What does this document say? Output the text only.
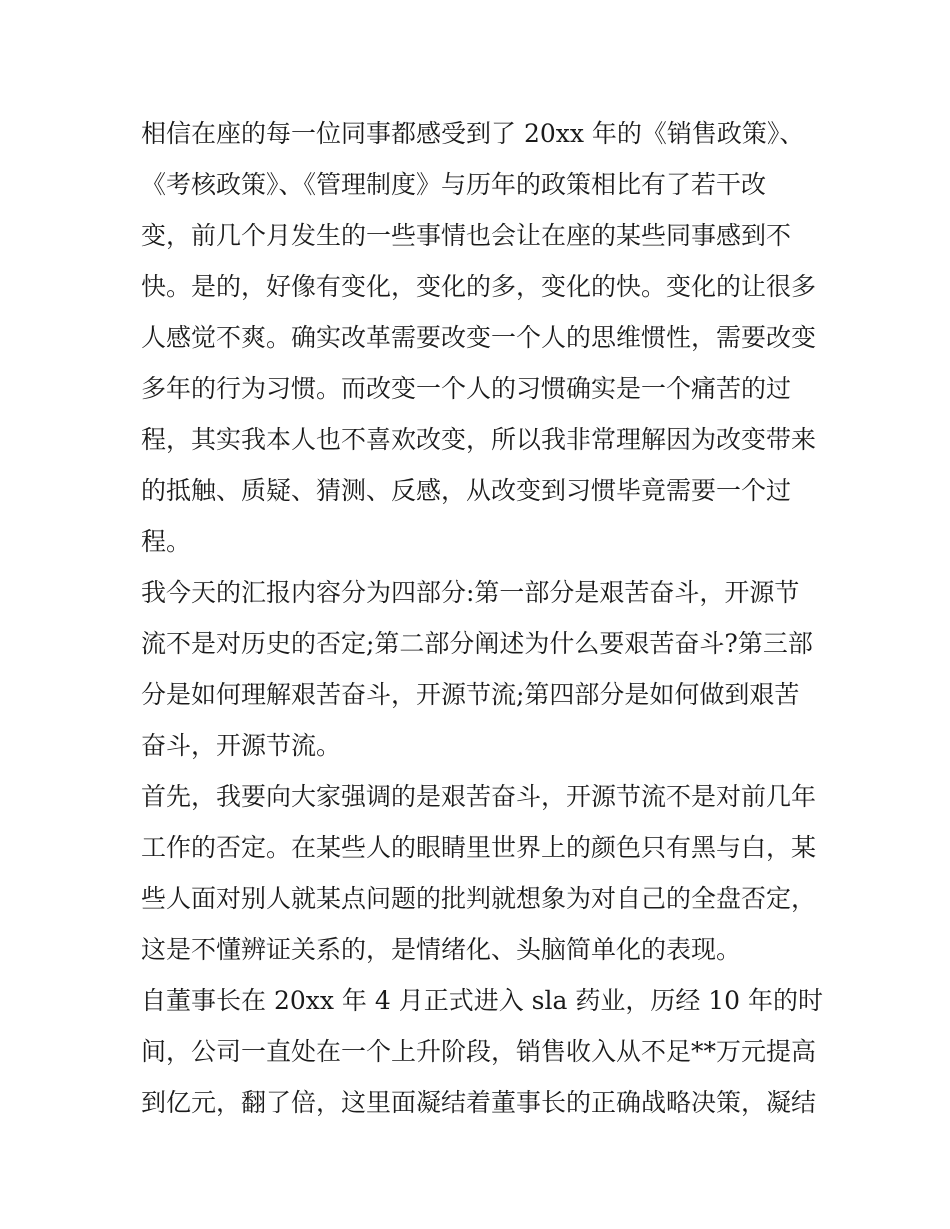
相信在座的每一位同事都感受到了 20xx 年的《销售政策》、
《考核政策》、《管理制度》与历年的政策相比有了若干改
变，前几个月发生的一些事情也会让在座的某些同事感到不
快。是的，好像有变化，变化的多，变化的快。变化的让很多
人感觉不爽。确实改革需要改变一个人的思维惯性，需要改变
多年的行为习惯。而改变一个人的习惯确实是一个痛苦的过
程，其实我本人也不喜欢改变，所以我非常理解因为改变带来
的抵触、质疑、猜测、反感，从改变到习惯毕竟需要一个过
程。
我今天的汇报内容分为四部分:第一部分是艰苦奋斗，开源节
流不是对历史的否定;第二部分阐述为什么要艰苦奋斗?第三部
分是如何理解艰苦奋斗，开源节流;第四部分是如何做到艰苦
奋斗，开源节流。
首先，我要向大家强调的是艰苦奋斗，开源节流不是对前几年
工作的否定。在某些人的眼睛里世界上的颜色只有黑与白，某
些人面对别人就某点问题的批判就想象为对自己的全盘否定，
这是不懂辨证关系的，是情绪化、头脑简单化的表现。
自董事长在 20xx 年 4 月正式进入 sla 药业，历经 10 年的时
间，公司一直处在一个上升阶段，销售收入从不足**万元提高
到亿元，翻了倍，这里面凝结着董事长的正确战略决策，凝结
